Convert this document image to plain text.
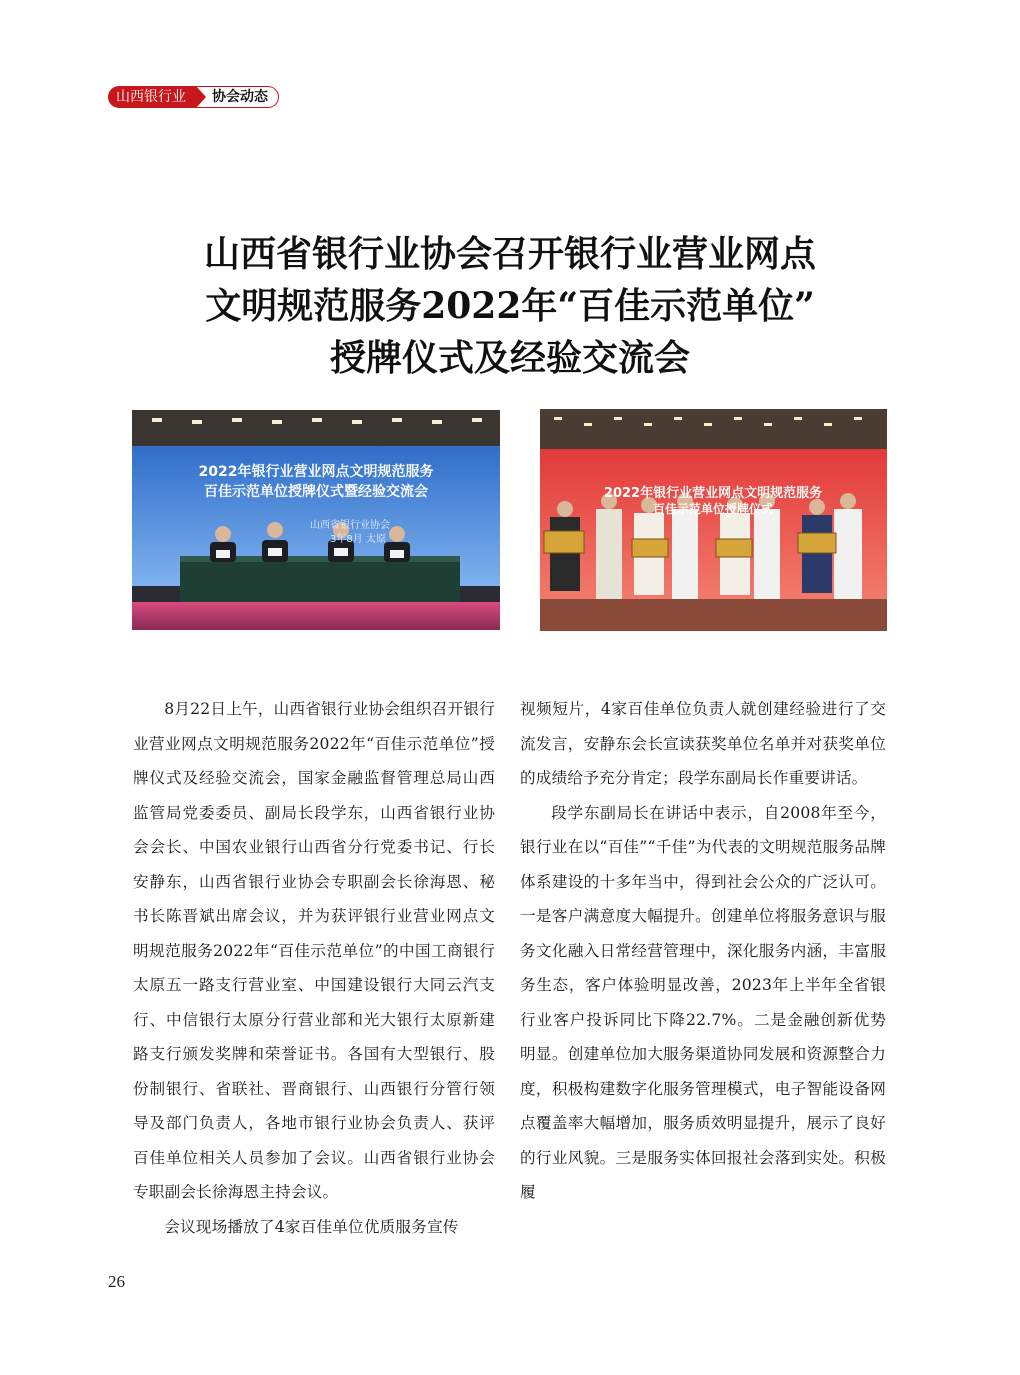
山西银行业	协会动态
山西省银行业协会召开银行业营业网点
文明规范服务2022年“百佳示范单位”
授牌仪式及经验交流会
2022年银行业营业网点文明规范服务
百佳示范单位授牌仪式暨经验交流会
山西省银行业协会
3年8月 太原
2022年银行业营业网点文明规范服务
百佳示范单位授牌仪式

8月22日上午，山西省银行业协会组织召开银行业营业网点文明规范服务2022年“百佳示范单位”授牌仪式及经验交流会，国家金融监督管理总局山西监管局党委委员、副局长段学东，山西省银行业协会会长、中国农业银行山西省分行党委书记、行长安静东，山西省银行业协会专职副会长徐海恩、秘书长陈晋斌出席会议，并为获评银行业营业网点文明规范服务2022年“百佳示范单位”的中国工商银行太原五一路支行营业室、中国建设银行大同云汽支行、中信银行太原分行营业部和光大银行太原新建路支行颁发奖牌和荣誉证书。各国有大型银行、股份制银行、省联社、晋商银行、山西银行分管行领导及部门负责人，各地市银行业协会负责人、获评百佳单位相关人员参加了会议。山西省银行业协会专职副会长徐海恩主持会议。

会议现场播放了4家百佳单位优质服务宣传

视频短片，4家百佳单位负责人就创建经验进行了交流发言，安静东会长宣读获奖单位名单并对获奖单位的成绩给予充分肯定；段学东副局长作重要讲话。

段学东副局长在讲话中表示，自2008年至今，银行业在以“百佳”“千佳”为代表的文明规范服务品牌体系建设的十多年当中，得到社会公众的广泛认可。一是客户满意度大幅提升。创建单位将服务意识与服务文化融入日常经营管理中，深化服务内涵，丰富服务生态，客户体验明显改善，2023年上半年全省银行业客户投诉同比下降22.7%。二是金融创新优势明显。创建单位加大服务渠道协同发展和资源整合力度，积极构建数字化服务管理模式，电子智能设备网点覆盖率大幅增加，服务质效明显提升，展示了良好的行业风貌。三是服务实体回报社会落到实处。积极履

26
